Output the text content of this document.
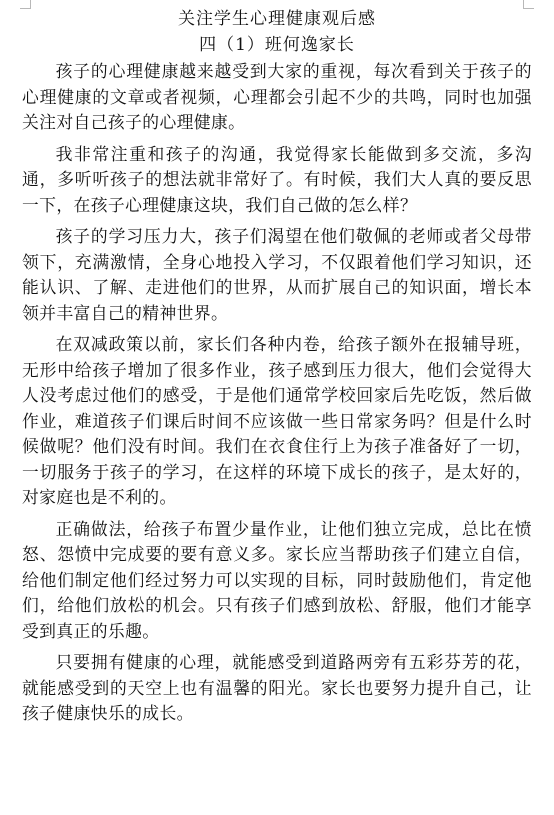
关注学生心理健康观后感
四（1）班何逸家长

孩子的心理健康越来越受到大家的重视，每次看到关于孩子的心理健康的文章或者视频，心理都会引起不少的共鸣，同时也加强关注对自己孩子的心理健康。

我非常注重和孩子的沟通，我觉得家长能做到多交流，多沟通，多听听孩子的想法就非常好了。有时候，我们大人真的要反思一下，在孩子心理健康这块，我们自己做的怎么样？

孩子的学习压力大，孩子们渴望在他们敬佩的老师或者父母带领下，充满激情，全身心地投入学习，不仅跟着他们学习知识，还能认识、了解、走进他们的世界，从而扩展自己的知识面，增长本领并丰富自己的精神世界。

在双减政策以前，家长们各种内卷，给孩子额外在报辅导班，无形中给孩子增加了很多作业，孩子感到压力很大，他们会觉得大人没考虑过他们的感受，于是他们通常学校回家后先吃饭，然后做作业，难道孩子们课后时间不应该做一些日常家务吗？但是什么时候做呢？他们没有时间。我们在衣食住行上为孩子准备好了一切，一切服务于孩子的学习，在这样的环境下成长的孩子，是太好的，对家庭也是不利的。

正确做法，给孩子布置少量作业，让他们独立完成，总比在愤怒、怨愤中完成要的要有意义多。家长应当帮助孩子们建立自信，给他们制定他们经过努力可以实现的目标，同时鼓励他们，肯定他们，给他们放松的机会。只有孩子们感到放松、舒服，他们才能享受到真正的乐趣。

只要拥有健康的心理，就能感受到道路两旁有五彩芬芳的花，就能感受到的天空上也有温馨的阳光。家长也要努力提升自己，让孩子健康快乐的成长。
